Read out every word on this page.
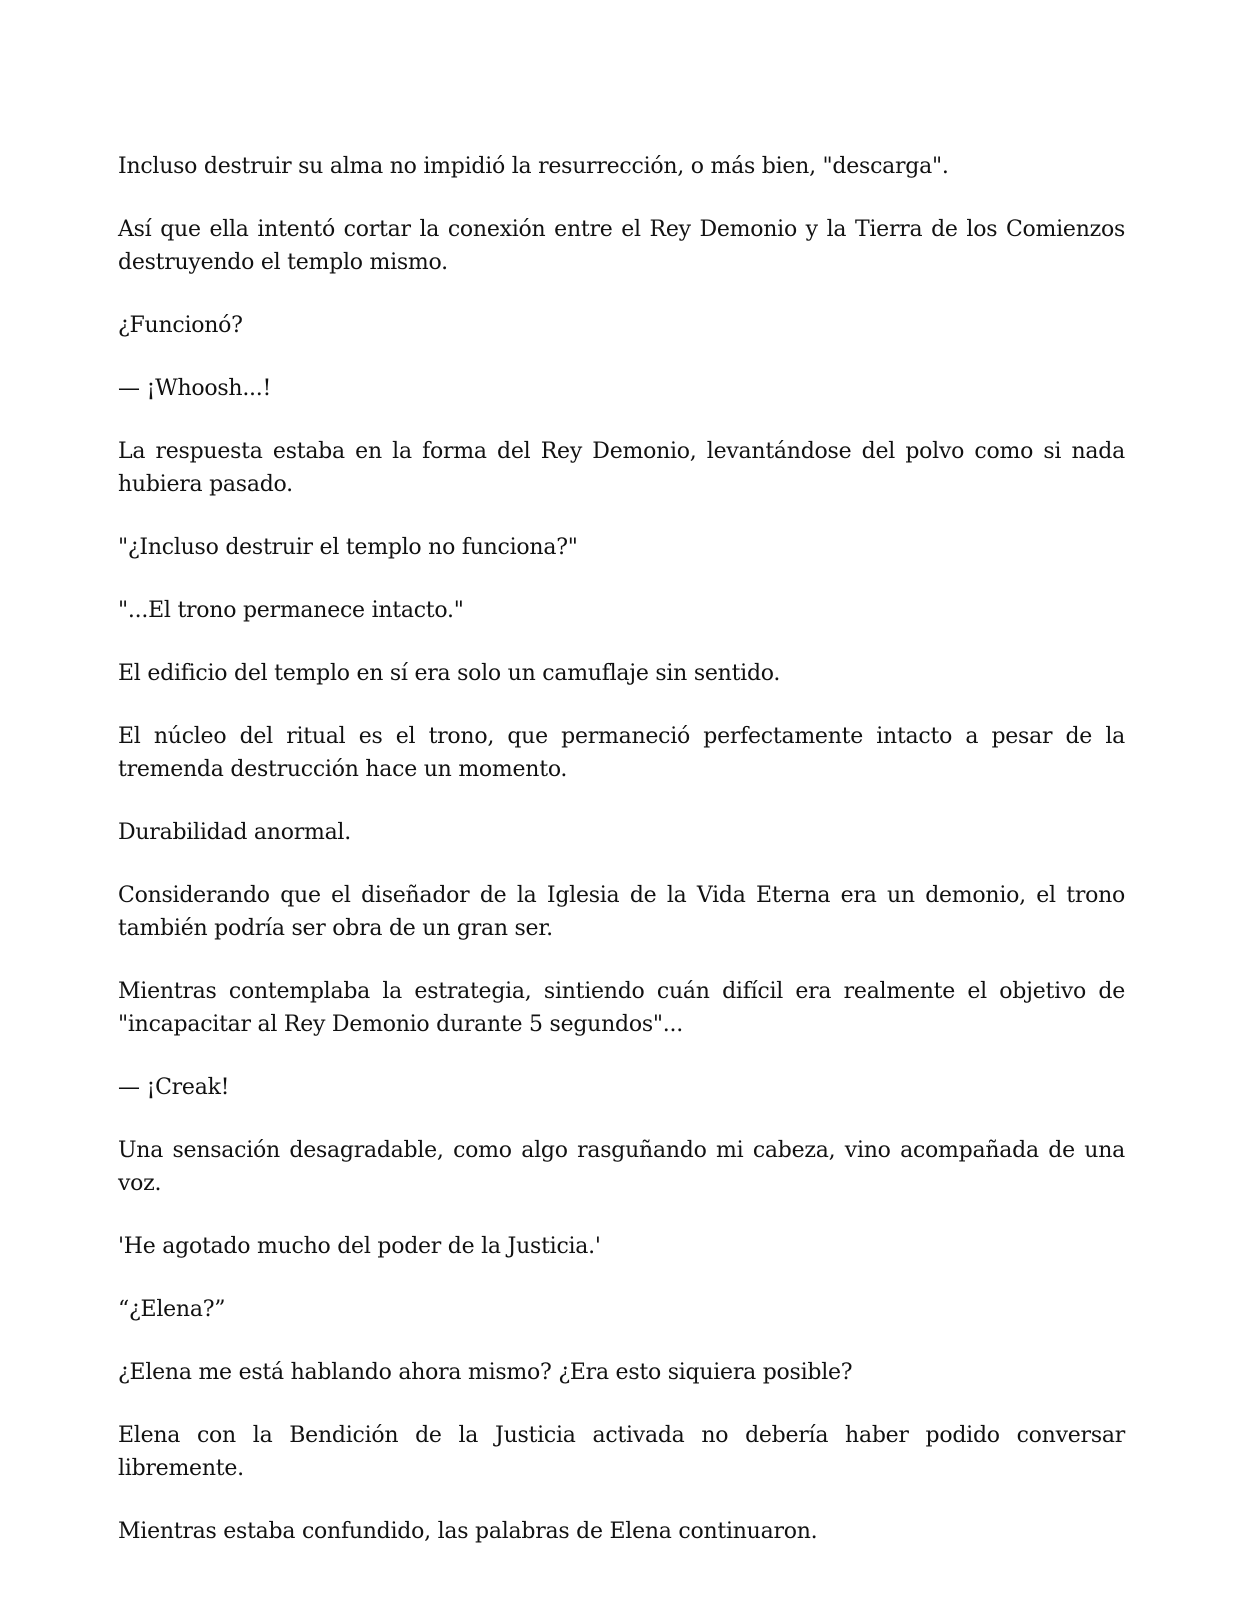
Incluso destruir su alma no impidió la resurrección, o más bien, "descarga".

Así que ella intentó cortar la conexión entre el Rey Demonio y la Tierra de los Comienzos destruyendo el templo mismo.

¿Funcionó?

— ¡Whoosh...!

La respuesta estaba en la forma del Rey Demonio, levantándose del polvo como si nada hubiera pasado.

"¿Incluso destruir el templo no funciona?"

"...El trono permanece intacto."

El edificio del templo en sí era solo un camuflaje sin sentido.

El núcleo del ritual es el trono, que permaneció perfectamente intacto a pesar de la tremenda destrucción hace un momento.

Durabilidad anormal.

Considerando que el diseñador de la Iglesia de la Vida Eterna era un demonio, el trono también podría ser obra de un gran ser.

Mientras contemplaba la estrategia, sintiendo cuán difícil era realmente el objetivo de "incapacitar al Rey Demonio durante 5 segundos"...

— ¡Creak!

Una sensación desagradable, como algo rasguñando mi cabeza, vino acompañada de una voz.

'He agotado mucho del poder de la Justicia.'

“¿Elena?”

¿Elena me está hablando ahora mismo? ¿Era esto siquiera posible?

Elena con la Bendición de la Justicia activada no debería haber podido conversar libremente.

Mientras estaba confundido, las palabras de Elena continuaron.
